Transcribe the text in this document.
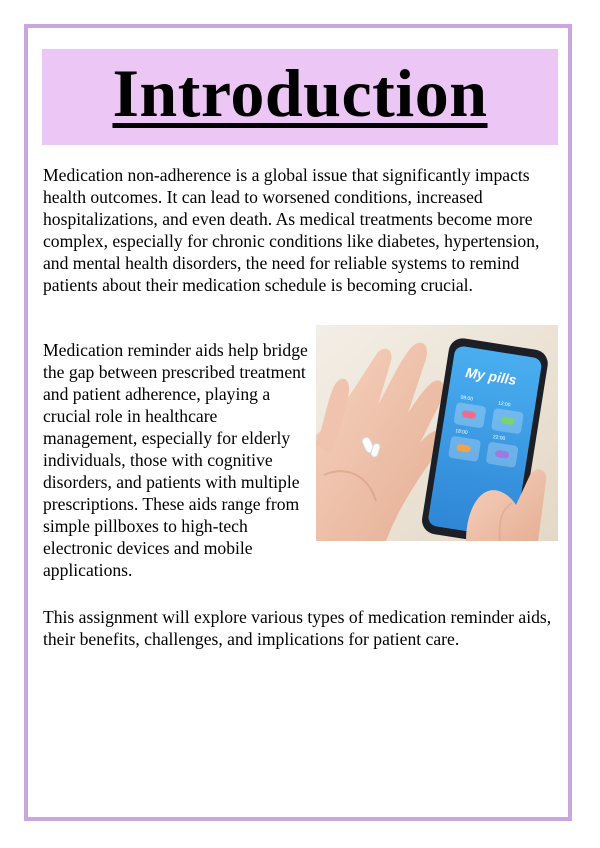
Introduction

Medication non-adherence is a global issue that significantly impacts health outcomes. It can lead to worsened conditions, increased hospitalizations, and even death. As medical treatments become more complex, especially for chronic conditions like diabetes, hypertension, and mental health disorders, the need for reliable systems to remind patients about their medication schedule is becoming crucial.

My pills
08:00
12:00
18:00
22:00
Medication reminder aids help bridge the gap between prescribed treatment and patient adherence, playing a crucial role in healthcare management, especially for elderly individuals, those with cognitive disorders, and patients with multiple prescriptions. These aids range from simple pillboxes to high-tech electronic devices and mobile applications.

This assignment will explore various types of medication reminder aids, their benefits, challenges, and implications for patient care.
